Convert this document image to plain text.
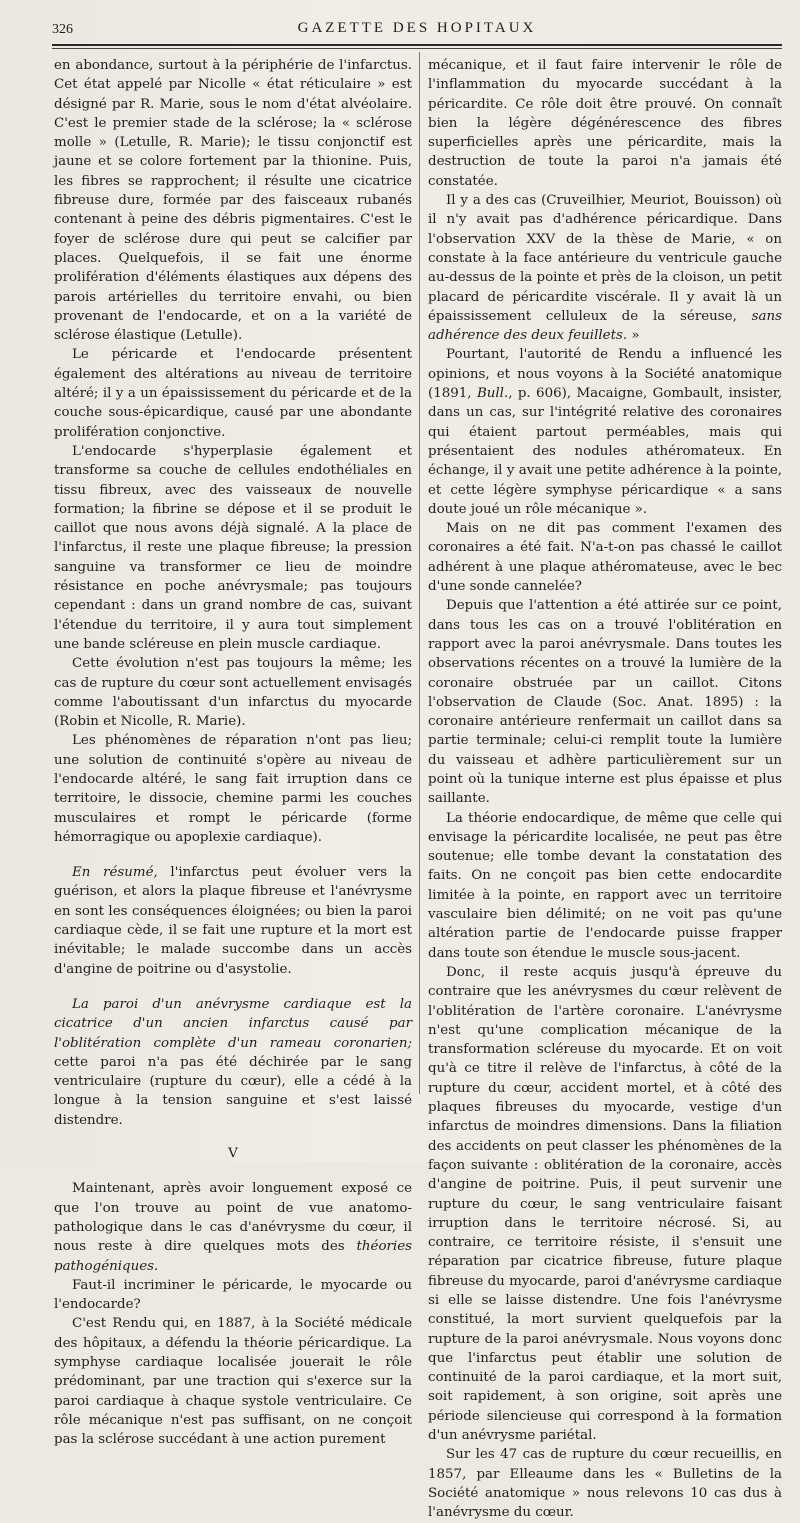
326	GAZETTE DES HOPITAUX

en abondance, surtout à la périphérie de l'infarctus. Cet état appelé par Nicolle « état réticulaire » est désigné par R. Marie, sous le nom d'état alvéolaire. C'est le premier stade de la sclérose; la « sclérose molle » (Letulle, R. Marie); le tissu conjonctif est jaune et se colore fortement par la thionine. Puis, les fibres se rapprochent; il résulte une cicatrice fibreuse dure, formée par des faisceaux rubanés contenant à peine des débris pigmentaires. C'est le foyer de sclérose dure qui peut se calcifier par places. Quelquefois, il se fait une énorme prolifération d'éléments élastiques aux dépens des parois artérielles du territoire envahi, ou bien provenant de l'endocarde, et on a la variété de sclérose élastique (Letulle).

Le péricarde et l'endocarde présentent également des altérations au niveau de territoire altéré; il y a un épaississement du péricarde et de la couche sous-épicardique, causé par une abondante prolifération conjonctive.

L'endocarde s'hyperplasie également et transforme sa couche de cellules endothéliales en tissu fibreux, avec des vaisseaux de nouvelle formation; la fibrine se dépose et il se produit le caillot que nous avons déjà signalé. A la place de l'infarctus, il reste une plaque fibreuse; la pression sanguine va transformer ce lieu de moindre résistance en poche anévrysmale; pas toujours cependant : dans un grand nombre de cas, suivant l'étendue du territoire, il y aura tout simplement une bande scléreuse en plein muscle cardiaque.

Cette évolution n'est pas toujours la même; les cas de rupture du cœur sont actuellement envisagés comme l'aboutissant d'un infarctus du myocarde (Robin et Nicolle, R. Marie).

Les phénomènes de réparation n'ont pas lieu; une solution de continuité s'opère au niveau de l'endocarde altéré, le sang fait irruption dans ce territoire, le dissocie, chemine parmi les couches musculaires et rompt le péricarde (forme hémorragique ou apoplexie cardiaque).

En résumé, l'infarctus peut évoluer vers la guérison, et alors la plaque fibreuse et l'anévrysme en sont les conséquences éloignées; ou bien la paroi cardiaque cède, il se fait une rupture et la mort est inévitable; le malade succombe dans un accès d'angine de poitrine ou d'asystolie.

La paroi d'un anévrysme cardiaque est la cicatrice d'un ancien infarctus causé par l'oblitération complète d'un rameau coronarien; cette paroi n'a pas été déchirée par le sang ventriculaire (rupture du cœur), elle a cédé à la longue à la tension sanguine et s'est laissé distendre.

V

Maintenant, après avoir longuement exposé ce que l'on trouve au point de vue anatomo-pathologique dans le cas d'anévrysme du cœur, il nous reste à dire quelques mots des théories pathogéniques.

Faut-il incriminer le péricarde, le myocarde ou l'endocarde?

C'est Rendu qui, en 1887, à la Société médicale des hôpitaux, a défendu la théorie péricardique. La symphyse cardiaque localisée jouerait le rôle prédominant, par une traction qui s'exerce sur la paroi cardiaque à chaque systole ventriculaire. Ce rôle mécanique n'est pas suffisant, on ne conçoit pas la sclérose succédant à une action purement

mécanique, et il faut faire intervenir le rôle de l'inflammation du myocarde succédant à la péricardite. Ce rôle doit être prouvé. On connaît bien la légère dégénérescence des fibres superficielles après une péricardite, mais la destruction de toute la paroi n'a jamais été constatée.

Il y a des cas (Cruveilhier, Meuriot, Bouisson) où il n'y avait pas d'adhérence péricardique. Dans l'observation XXV de la thèse de Marie, « on constate à la face antérieure du ventricule gauche au-dessus de la pointe et près de la cloison, un petit placard de péricardite viscérale. Il y avait là un épaississement celluleux de la séreuse, sans adhérence des deux feuillets. »

Pourtant, l'autorité de Rendu a influencé les opinions, et nous voyons à la Société anatomique (1891, Bull., p. 606), Macaigne, Gombault, insister, dans un cas, sur l'intégrité relative des coronaires qui étaient partout perméables, mais qui présentaient des nodules athéromateux. En échange, il y avait une petite adhérence à la pointe, et cette légère symphyse péricardique « a sans doute joué un rôle mécanique ».

Mais on ne dit pas comment l'examen des coronaires a été fait. N'a-t-on pas chassé le caillot adhérent à une plaque athéromateuse, avec le bec d'une sonde cannelée?

Depuis que l'attention a été attirée sur ce point, dans tous les cas on a trouvé l'oblitération en rapport avec la paroi anévrysmale. Dans toutes les observations récentes on a trouvé la lumière de la coronaire obstruée par un caillot. Citons l'observation de Claude (Soc. Anat. 1895) : la coronaire antérieure renfermait un caillot dans sa partie terminale; celui-ci remplit toute la lumière du vaisseau et adhère particulièrement sur un point où la tunique interne est plus épaisse et plus saillante.

La théorie endocardique, de même que celle qui envisage la péricardite localisée, ne peut pas être soutenue; elle tombe devant la constatation des faits. On ne conçoit pas bien cette endocardite limitée à la pointe, en rapport avec un territoire vasculaire bien délimité; on ne voit pas qu'une altération partie de l'endocarde puisse frapper dans toute son étendue le muscle sous-jacent.

Donc, il reste acquis jusqu'à épreuve du contraire que les anévrysmes du cœur relèvent de l'oblitération de l'artère coronaire. L'anévrysme n'est qu'une complication mécanique de la transformation scléreuse du myocarde. Et on voit qu'à ce titre il relève de l'infarctus, à côté de la rupture du cœur, accident mortel, et à côté des plaques fibreuses du myocarde, vestige d'un infarctus de moindres dimensions. Dans la filiation des accidents on peut classer les phénomènes de la façon suivante : oblitération de la coronaire, accès d'angine de poitrine. Puis, il peut survenir une rupture du cœur, le sang ventriculaire faisant irruption dans le territoire nécrosé. Si, au contraire, ce territoire résiste, il s'ensuit une réparation par cicatrice fibreuse, future plaque fibreuse du myocarde, paroi d'anévrysme cardiaque si elle se laisse distendre. Une fois l'anévrysme constitué, la mort survient quelquefois par la rupture de la paroi anévrysmale. Nous voyons donc que l'infarctus peut établir une solution de continuité de la paroi cardiaque, et la mort suit, soit rapidement, à son origine, soit après une période silencieuse qui correspond à la formation d'un anévrysme pariétal.

Sur les 47 cas de rupture du cœur recueillis, en 1857, par Elleaume dans les « Bulletins de la Société anatomique » nous relevons 10 cas dus à l'anévrysme du cœur.
